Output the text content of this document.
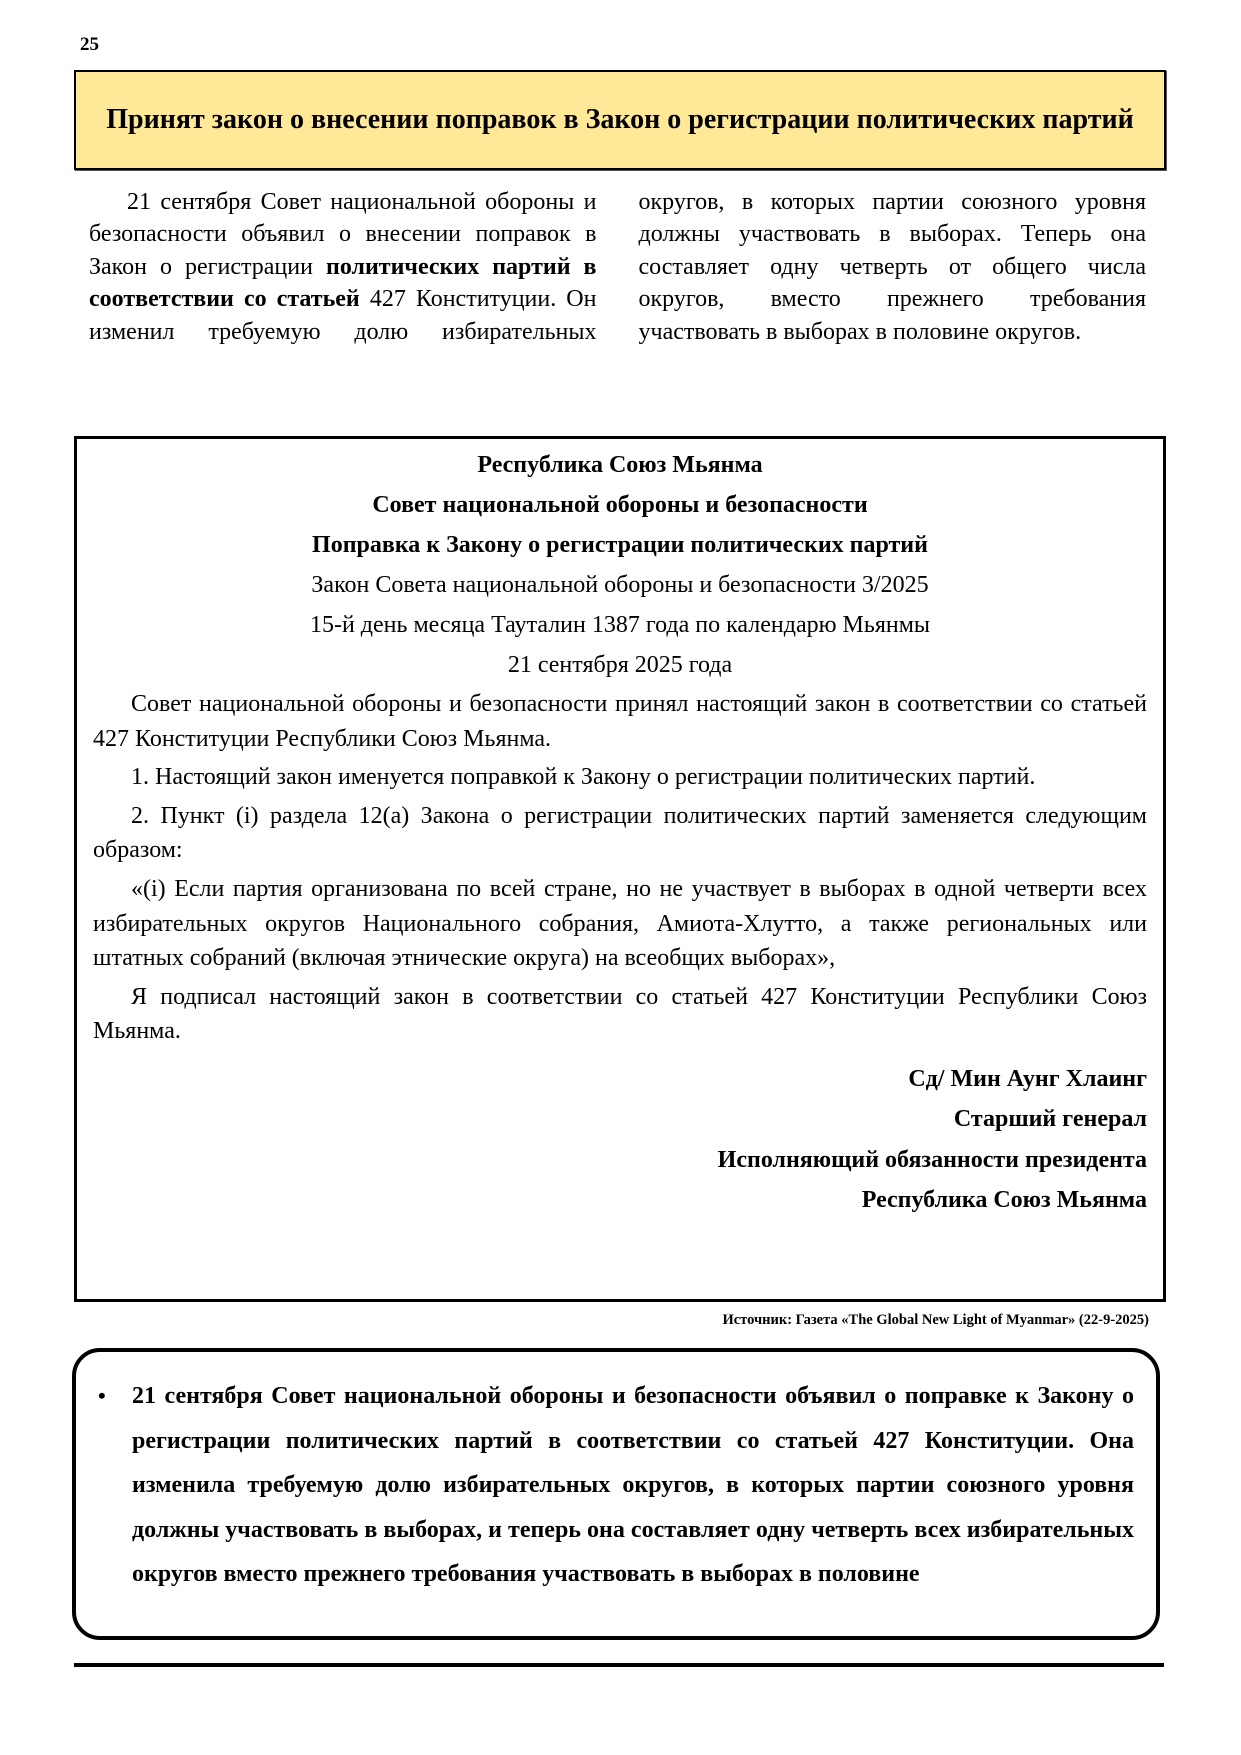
25
Принят закон о внесении поправок в Закон о регистрации политических партий

21 сентября Совет национальной обороны и безопасности объявил о внесении поправок в Закон о регистрации политических партий в соответствии со статьей 427 Конституции. Он изменил требуемую долю избирательных округов, в которых партии союзного уровня должны участвовать в выборах. Теперь она составляет одну четверть от общего числа округов, вместо прежнего требования участвовать в выборах в половине округов.

Республика Союз Мьянма

Совет национальной обороны и безопасности

Поправка к Закону о регистрации политических партий

Закон Совета национальной обороны и безопасности 3/2025

15-й день месяца Тауталин 1387 года по календарю Мьянмы

21 сентября 2025 года

Совет национальной обороны и безопасности принял настоящий закон в соответствии со статьей 427 Конституции Республики Союз Мьянма.

1. Настоящий закон именуется поправкой к Закону о регистрации политических партий.

2. Пункт (i) раздела 12(a) Закона о регистрации политических партий заменяется следующим образом:

«(i) Если партия организована по всей стране, но не участвует в выборах в одной четверти всех избирательных округов Национального собрания, Амиота-Хлутто, а также региональных или штатных собраний (включая этнические округа) на всеобщих выборах»,

Я подписал настоящий закон в соответствии со статьей 427 Конституции Республики Союз Мьянма.

Сд/ Мин Аунг Хлаинг

Старший генерал

Исполняющий обязанности президента

Республика Союз Мьянма

Источник: Газета «The Global New Light of Myanmar» (22-9-2025)
• 21 сентября Совет национальной обороны и безопасности объявил о поправке к Закону о регистрации политических партий в соответствии со статьей 427 Конституции. Она изменила требуемую долю избирательных округов, в которых партии союзного уровня должны участвовать в выборах, и теперь она составляет одну четверть всех избирательных округов вместо прежнего требования участвовать в выборах в половине
